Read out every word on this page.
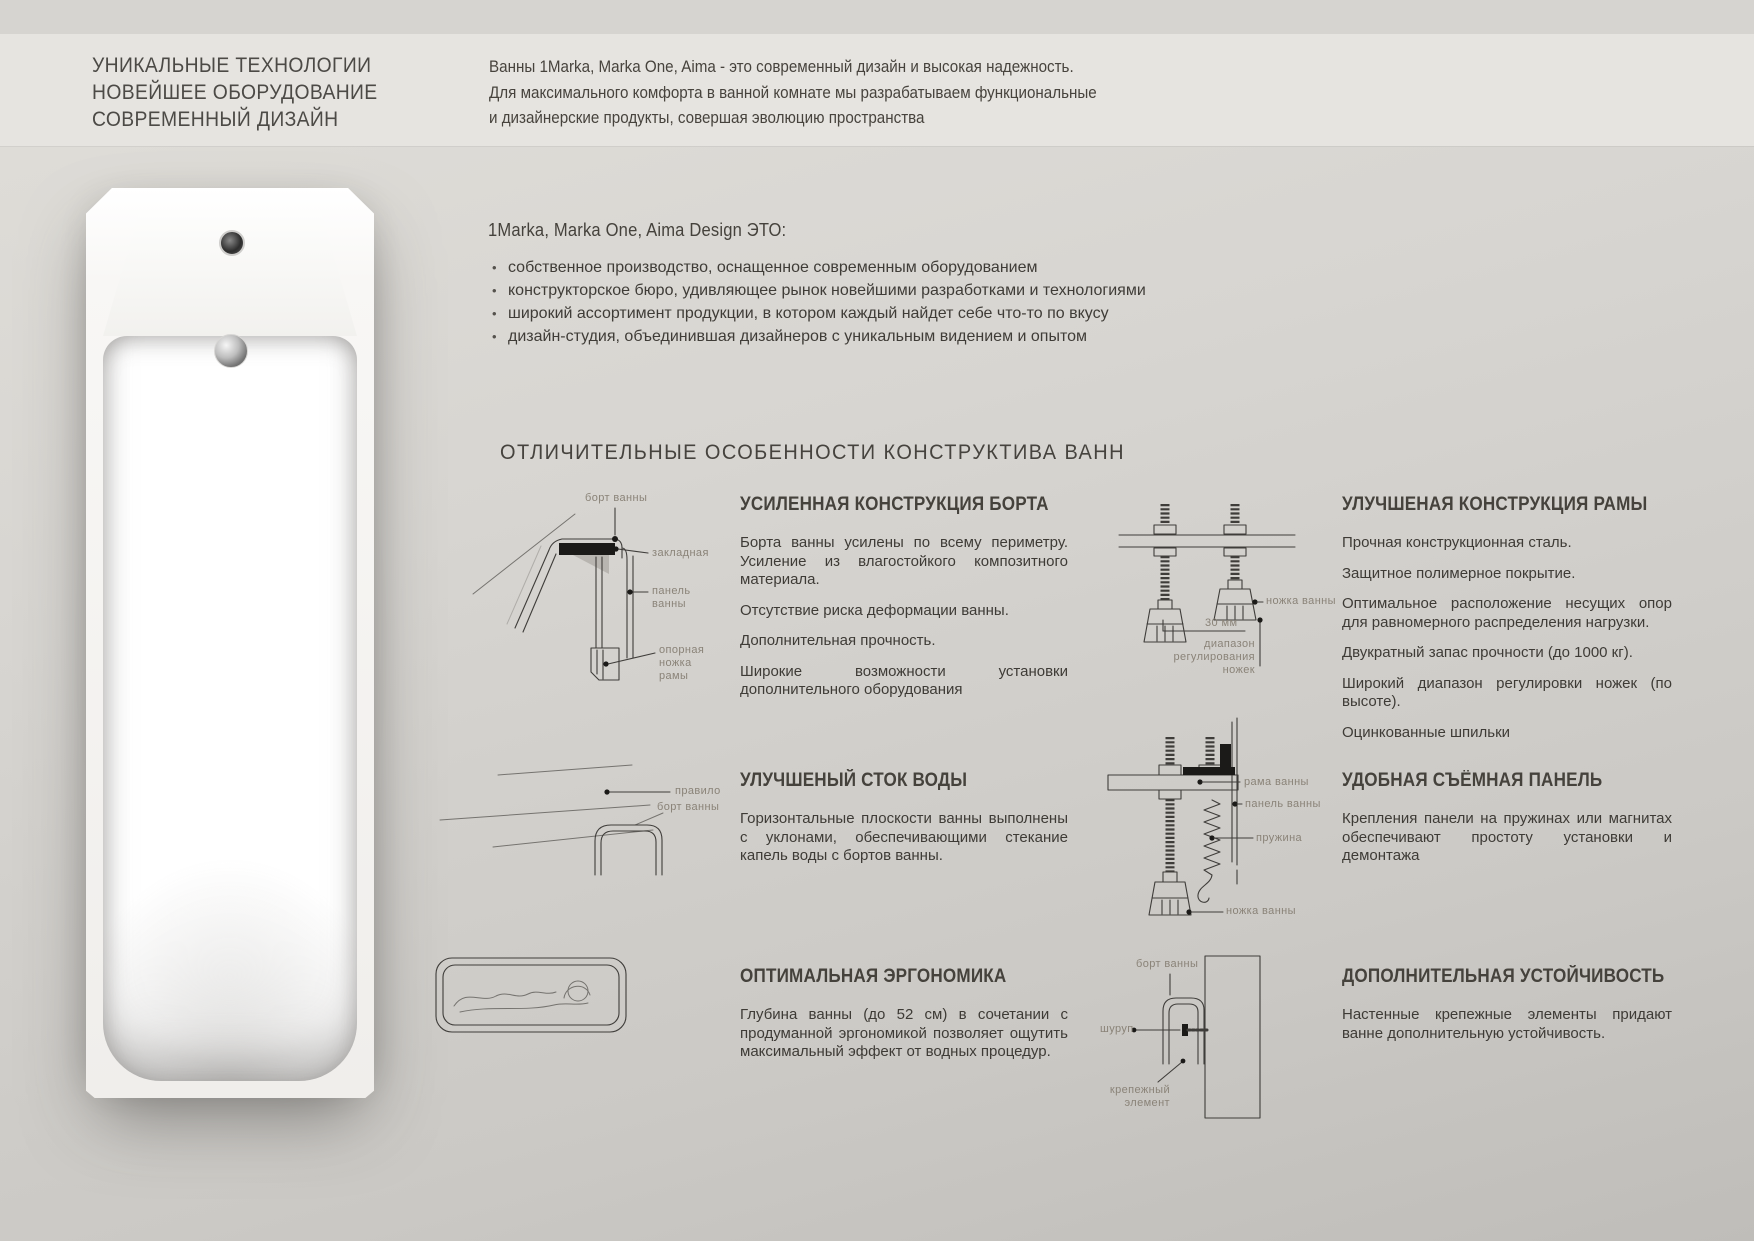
УНИКАЛЬНЫЕ ТЕХНОЛОГИИ
НОВЕЙШЕЕ ОБОРУДОВАНИЕ
СОВРЕМЕННЫЙ ДИЗАЙН
Ванны 1Marka, Marka One, Aima - это современный дизайн и высокая надежность.
Для максимального комфорта в ванной комнате мы разрабатываем функциональные
и дизайнерские продукты, совершая эволюцию пространства
1Marka, Marka One, Aima Design ЭТО:
• собственное производство, оснащенное современным оборудованием
• конструкторское бюро, удивляющее рынок новейшими разработками и технологиями
• широкий ассортимент продукции, в котором каждый найдет себе что-то по вкусу
• дизайн-студия, объединившая дизайнеров с уникальным видением и опытом
ОТЛИЧИТЕЛЬНЫЕ ОСОБЕННОСТИ КОНСТРУКТИВА ВАНН
борт ванны
закладная
панель ванны
опорная ножка рамы
УСИЛЕННАЯ КОНСТРУКЦИЯ БОРТА

Борта ванны усилены по всему периметру. Усиление из влагостойкого композитного материала.

Отсутствие риска деформации ванны.

Дополнительная прочность.

Широкие возможности установки дополнительного оборудования

ножка ванны
30 мм
диапазон регулирования ножек
УЛУЧШЕНАЯ КОНСТРУКЦИЯ РАМЫ

Прочная конструкционная сталь.

Защитное полимерное покрытие.

Оптимальное расположение несущих опор для равномерного распределения нагрузки.

Двукратный запас прочности (до 1000 кг).

Широкий диапазон регулировки ножек (по высоте).

Оцинкованные шпильки

правило
борт ванны
УЛУЧШЕНЫЙ СТОК ВОДЫ

Горизонтальные плоскости ванны выполнены с уклонами, обеспечивающими стекание капель воды с бортов ванны.

рама ванны
панель ванны
пружина
ножка ванны
УДОБНАЯ СЪЁМНАЯ ПАНЕЛЬ

Крепления панели на пружинах или магнитах обеспечивают простоту установки и демонтажа

ОПТИМАЛЬНАЯ ЭРГОНОМИКА

Глубина ванны (до 52 см) в сочетании с продуманной эргономикой позволяет ощутить максимальный эффект от водных процедур.

борт ванны
шуруп
крепежный элемент
ДОПОЛНИТЕЛЬНАЯ УСТОЙЧИВОСТЬ

Настенные крепежные элементы придают ванне дополнительную устойчивость.
